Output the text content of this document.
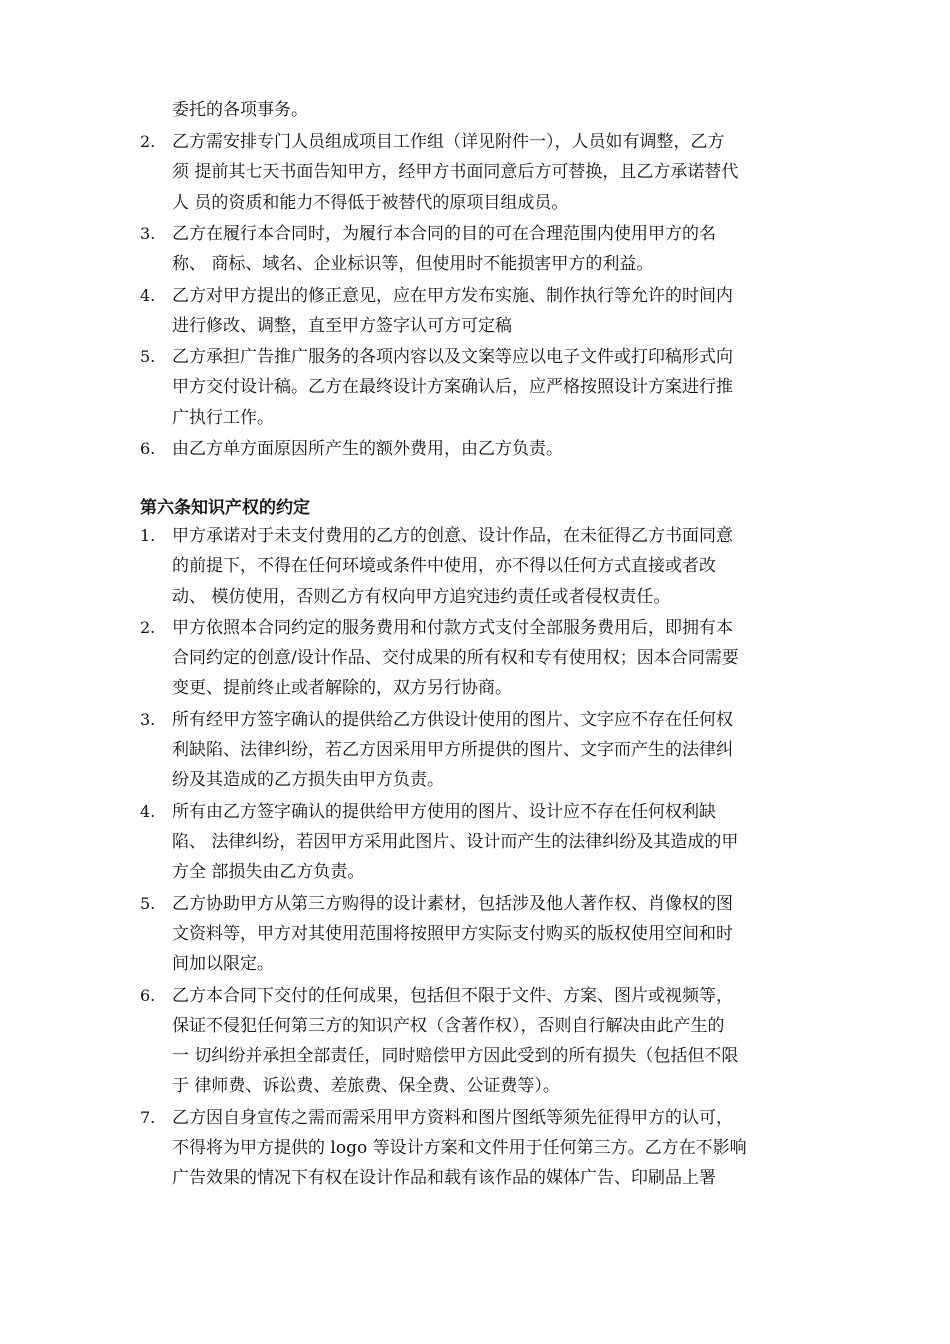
委托的各项事务。
2. 乙方需安排专门人员组成项目工作组（详见附件一），人员如有调整，乙方
须 提前其七天书面告知甲方，经甲方书面同意后方可替换，且乙方承诺替代
人 员的资质和能力不得低于被替代的原项目组成员。
3. 乙方在履行本合同时，为履行本合同的目的可在合理范围内使用甲方的名
称、 商标、域名、企业标识等，但使用时不能损害甲方的利益。
4. 乙方对甲方提出的修正意见，应在甲方发布实施、制作执行等允许的时间内
进行修改、调整，直至甲方签字认可方可定稿
5. 乙方承担广告推广服务的各项内容以及文案等应以电子文件或打印稿形式向
甲方交付设计稿。乙方在最终设计方案确认后，应严格按照设计方案进行推
广执行工作。
6. 由乙方单方面原因所产生的额外费用，由乙方负责。
第六条知识产权的约定
1. 甲方承诺对于未支付费用的乙方的创意、设计作品，在未征得乙方书面同意
的前提下，不得在任何环境或条件中使用，亦不得以任何方式直接或者改
动、 模仿使用，否则乙方有权向甲方追究违约责任或者侵权责任。
2. 甲方依照本合同约定的服务费用和付款方式支付全部服务费用后，即拥有本
合同约定的创意/设计作品、交付成果的所有权和专有使用权；因本合同需要
变更、提前终止或者解除的，双方另行协商。
3. 所有经甲方签字确认的提供给乙方供设计使用的图片、文字应不存在任何权
利缺陷、法律纠纷，若乙方因采用甲方所提供的图片、文字而产生的法律纠
纷及其造成的乙方损失由甲方负责。
4. 所有由乙方签字确认的提供给甲方使用的图片、设计应不存在任何权利缺
陷、 法律纠纷，若因甲方采用此图片、设计而产生的法律纠纷及其造成的甲
方全 部损失由乙方负责。
5. 乙方协助甲方从第三方购得的设计素材，包括涉及他人著作权、肖像权的图
文资料等，甲方对其使用范围将按照甲方实际支付购买的版权使用空间和时
间加以限定。
6. 乙方本合同下交付的任何成果，包括但不限于文件、方案、图片或视频等，
保证不侵犯任何第三方的知识产权（含著作权），否则自行解决由此产生的
一 切纠纷并承担全部责任，同时赔偿甲方因此受到的所有损失（包括但不限
于 律师费、诉讼费、差旅费、保全费、公证费等）。
7. 乙方因自身宣传之需而需采用甲方资料和图片图纸等须先征得甲方的认可，
不得将为甲方提供的 logo 等设计方案和文件用于任何第三方。乙方在不影响
广告效果的情况下有权在设计作品和载有该作品的媒体广告、印刷品上署
